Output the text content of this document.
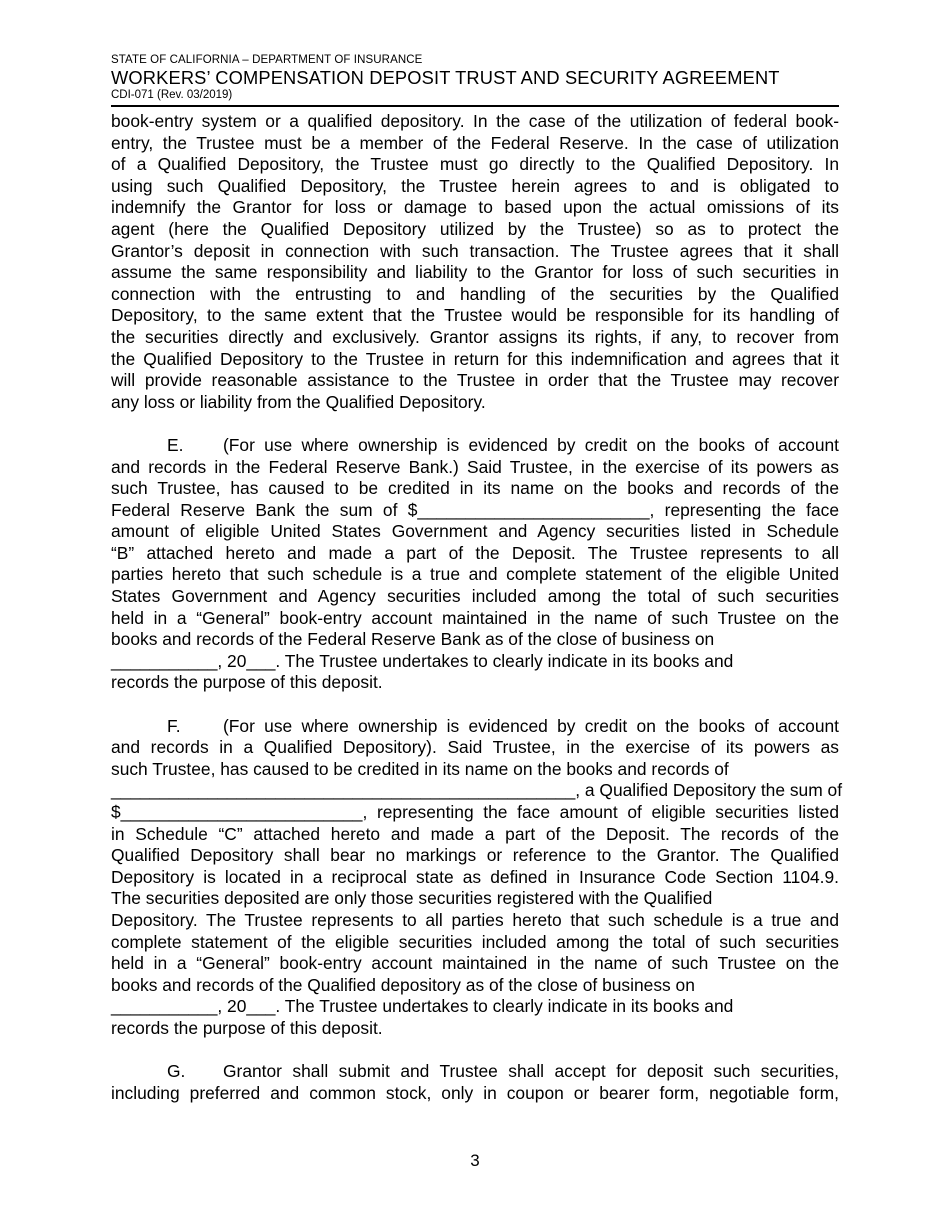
STATE OF CALIFORNIA – DEPARTMENT OF INSURANCE
WORKERS’ COMPENSATION DEPOSIT TRUST AND SECURITY AGREEMENT
CDI-071 (Rev. 03/2019)

book-entry system or a qualified depository. In the case of the utilization of federal book-
entry, the Trustee must be a member of the Federal Reserve. In the case of utilization
of a Qualified Depository, the Trustee must go directly to the Qualified Depository. In
using such Qualified Depository, the Trustee herein agrees to and is obligated to
indemnify the Grantor for loss or damage to based upon the actual omissions of its
agent (here the Qualified Depository utilized by the Trustee) so as to protect the
Grantor’s deposit in connection with such transaction. The Trustee agrees that it shall
assume the same responsibility and liability to the Grantor for loss of such securities in
connection with the entrusting to and handling of the securities by the Qualified
Depository, to the same extent that the Trustee would be responsible for its handling of
the securities directly and exclusively. Grantor assigns its rights, if any, to recover from
the Qualified Depository to the Trustee in return for this indemnification and agrees that it
will provide reasonable assistance to the Trustee in order that the Trustee may recover
any loss or liability from the Qualified Depository.

E. (For use where ownership is evidenced by credit on the books of account
and records in the Federal Reserve Bank.) Said Trustee, in the exercise of its powers as
such Trustee, has caused to be credited in its name on the books and records of the
Federal Reserve Bank the sum of $________________________, representing the face
amount of eligible United States Government and Agency securities listed in Schedule
“B” attached hereto and made a part of the Deposit. The Trustee represents to all
parties hereto that such schedule is a true and complete statement of the eligible United
States Government and Agency securities included among the total of such securities
held in a “General” book-entry account maintained in the name of such Trustee on the
books and records of the Federal Reserve Bank as of the close of business on
___________, 20___. The Trustee undertakes to clearly indicate in its books and
records the purpose of this deposit.

F. (For use where ownership is evidenced by credit on the books of account
and records in a Qualified Depository). Said Trustee, in the exercise of its powers as
such Trustee, has caused to be credited in its name on the books and records of
________________________________________________, a Qualified Depository the sum of
$_________________________, representing the face amount of eligible securities listed
in Schedule “C” attached hereto and made a part of the Deposit. The records of the
Qualified Depository shall bear no markings or reference to the Grantor. The Qualified
Depository is located in a reciprocal state as defined in Insurance Code Section 1104.9.
The securities deposited are only those securities registered with the Qualified
Depository. The Trustee represents to all parties hereto that such schedule is a true and
complete statement of the eligible securities included among the total of such securities
held in a “General” book-entry account maintained in the name of such Trustee on the
books and records of the Qualified depository as of the close of business on
___________, 20___. The Trustee undertakes to clearly indicate in its books and
records the purpose of this deposit.

G. Grantor shall submit and Trustee shall accept for deposit such securities,
including preferred and common stock, only in coupon or bearer form, negotiable form,

3
